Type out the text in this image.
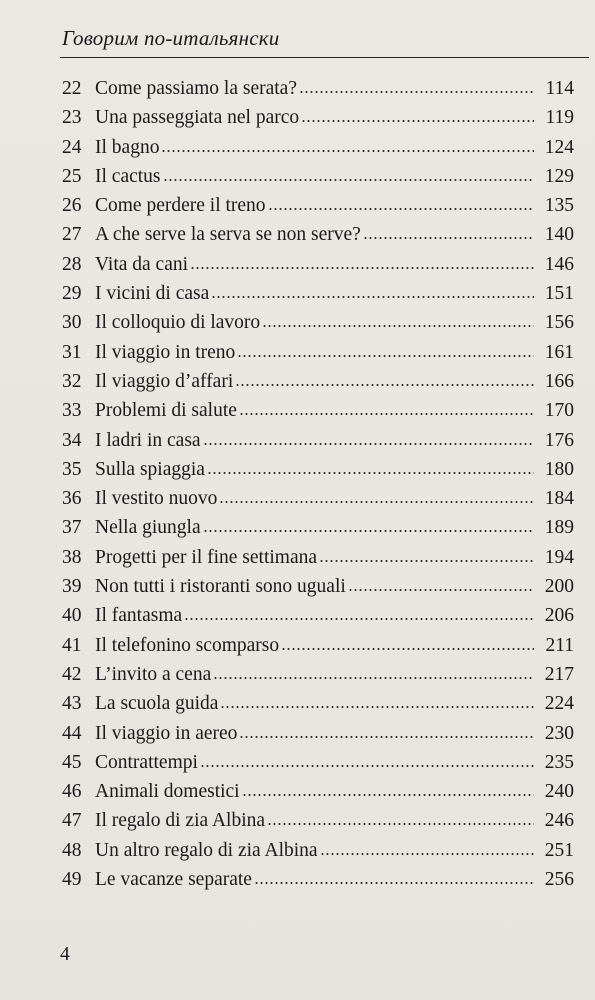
Говорим по-итальянски
22 Come passiamo la serata?	114
23 Una passeggiata nel parco	119
24 Il bagno	124
25 Il cactus	129
26 Come perdere il treno	135
27 A che serve la serva se non serve?	140
28 Vita da cani	146
29 I vicini di casa	151
30 Il colloquio di lavoro	156
31 Il viaggio in treno	161
32 Il viaggio d’affari	166
33 Problemi di salute	170
34 I ladri in casa	176
35 Sulla spiaggia	180
36 Il vestito nuovo	184
37 Nella giungla	189
38 Progetti per il fine settimana	194
39 Non tutti i ristoranti sono uguali	200
40 Il fantasma	206
41 Il telefonino scomparso	211
42 L’invito a cena	217
43 La scuola guida	224
44 Il viaggio in aereo	230
45 Contrattempi	235
46 Animali domestici	240
47 Il regalo di zia Albina	246
48 Un altro regalo di zia Albina	251
49 Le vacanze separate	256
4
